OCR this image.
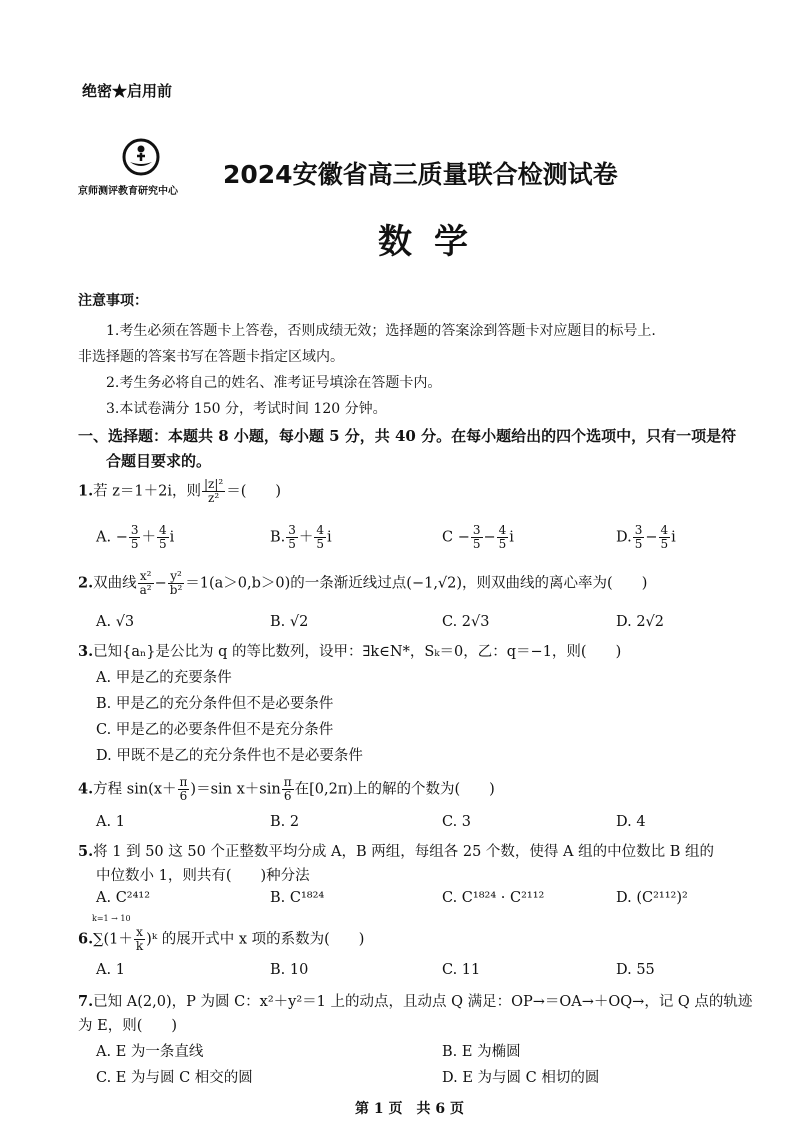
绝密★启用前
京师测评教育研究中心
2024安徽省高三质量联合检测试卷
数学
注意事项：
1.考生必须在答题卡上答卷，否则成绩无效；选择题的答案涂到答题卡对应题目的标号上.
非选择题的答案书写在答题卡指定区域内。
2.考生务必将自己的姓名、准考证号填涂在答题卡内。
3.本试卷满分 150 分，考试时间 120 分钟。
一、选择题：本题共 8 小题，每小题 5 分，共 40 分。在每小题给出的四个选项中，只有一项是符
合题目要求的。
1.若 z＝1＋2i，则 $\frac{\text{|z|²}}{\text{z²}}$ ＝(　　)
A. − $\frac{3}{5} + \frac{4}{5}$ i	B. $\frac{3}{5} + \frac{4}{5}$ i	$C - \frac{3}{5} - \frac{4}{5}$ i	D. $\frac{3}{5} - \frac{4}{5}$ i
2.双曲线 $\frac{\text{x²}}{\text{a²}} - \frac{\text{y²}}{\text{b²}} =1(a>0,b>0)$的一条渐近线过点(−1,√2)，则双曲线的离心率为(　　)
A. √3	B. √2	C. 2√3	D. 2√2
3.已知{aₙ}是公比为 q 的等比数列，设甲：∃k∈N*，Sₖ＝0，乙：q＝−1，则(　　)
A. 甲是乙的充要条件
B. 甲是乙的充分条件但不是必要条件
C. 甲是乙的必要条件但不是充分条件
D. 甲既不是乙的充分条件也不是必要条件
4.方程 $\sin(x+ \frac{\pi}{6} )=\sin$ $x+\sin \frac{\pi}{6}$ 在[0,2π)上的解的个数为(　　)
A. 1	B. 2	C. 3	D. 4
5.将 1 到 50 这 50 个正整数平均分成 A，B 两组，每组各 25 个数，使得 A 组的中位数比 B 组的
中位数小 1，则共有(　　)种分法
A. C²⁴¹²	B. C¹⁸²⁴	C. C¹⁸²⁴ · C²¹¹²	D. (C²¹¹²)²
$6.\sum(1+ \frac{x}{k}$ )ᵏ 的展开式中 x 项的系数为(　　)
k=1 → 10
A. 1	B. 10	C. 11	D. 55
7.已知 A(2,0)，P 为圆 C：x²＋y²＝1 上的动点，且动点 Q 满足：OP→＝OA→＋OQ→，记 Q 点的轨迹
为 E，则(　　)
A. E 为一条直线	B. E 为椭圆
C. E 为与圆 C 相交的圆	D. E 为与圆 C 相切的圆
第 1 页　共 6 页
